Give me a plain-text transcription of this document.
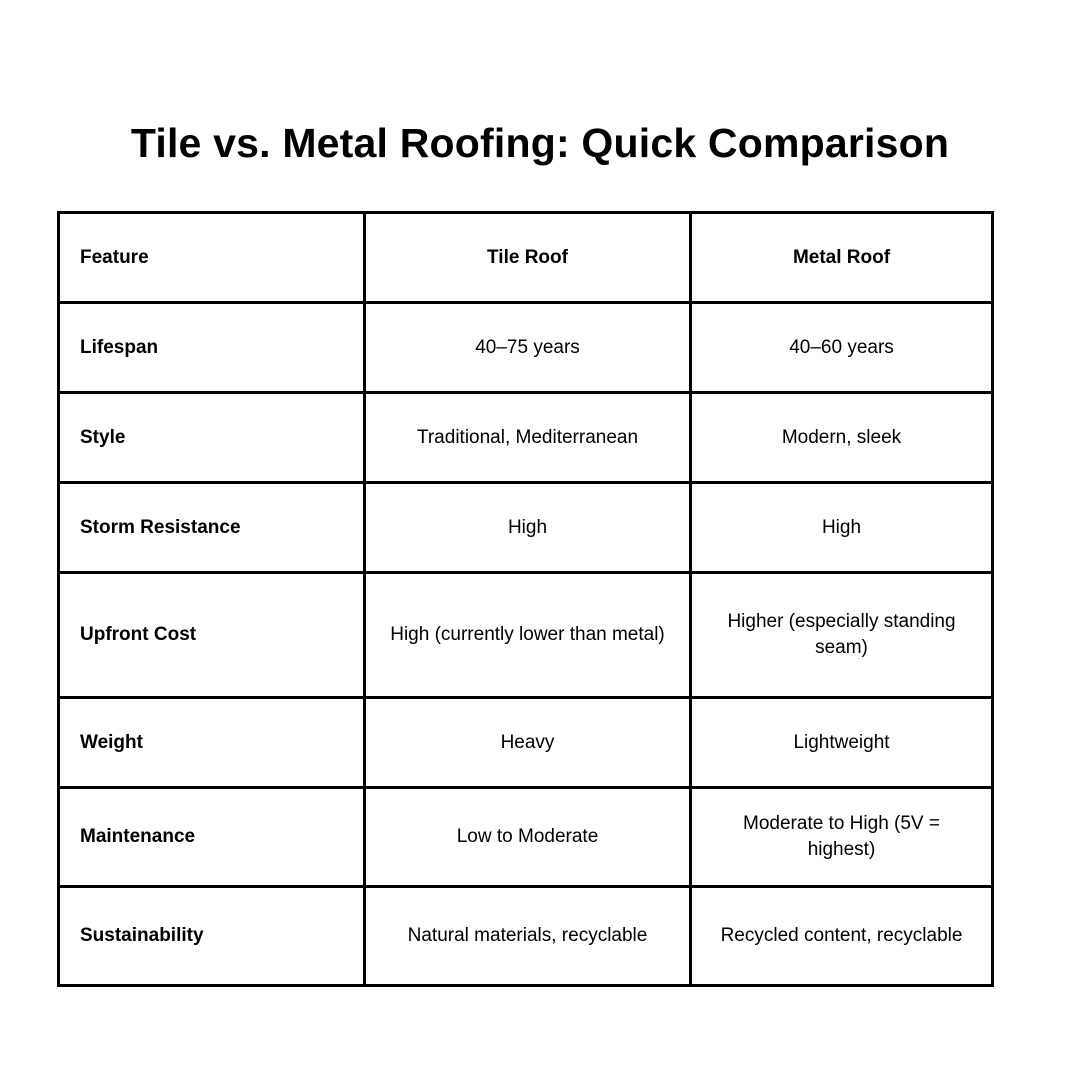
Tile vs. Metal Roofing: Quick Comparison
Feature	Tile Roof	Metal Roof
Lifespan	40–75 years	40–60 years
Style	Traditional, Mediterranean	Modern, sleek
Storm Resistance	High	High
Upfront Cost	High (currently lower than metal)	Higher (especially standing seam)
Weight	Heavy	Lightweight
Maintenance	Low to Moderate	Moderate to High (5V = highest)
Sustainability	Natural materials, recyclable	Recycled content, recyclable
